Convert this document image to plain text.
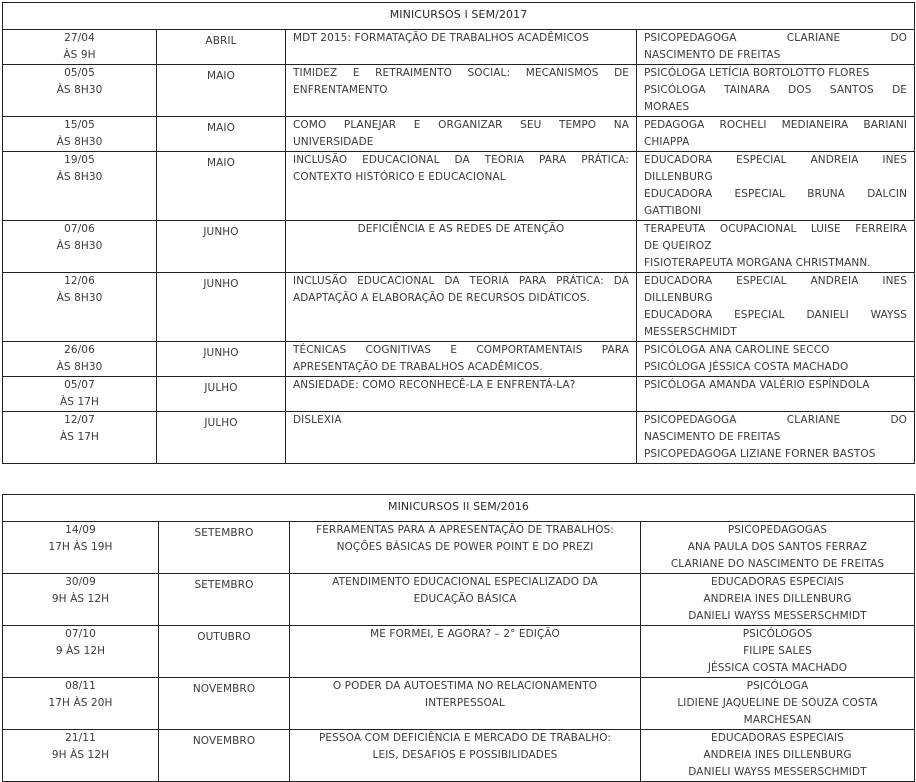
MINICURSOS I SEM/2017			

27/04
ÀS 9H	ABRIL	MDT 2015: FORMATAÇÃO DE TRABALHOS ACADÊMICOS	PSICOPEDAGOGA CLARIANE DO
NASCIMENTO DE FREITAS

05/05
ÀS 8H30	MAIO	TIMIDEZ E RETRAIMENTO SOCIAL: MECANISMOS DE
ENFRENTAMENTO	PSICÓLOGA LETÍCIA BORTOLOTTO FLORES
PSICÓLOGA TAINARA DOS SANTOS DE
MORAES

15/05
ÀS 8H30	MAIO	COMO PLANEJAR E ORGANIZAR SEU TEMPO NA
UNIVERSIDADE	PEDAGOGA ROCHELI MEDIANEIRA BARIANI
CHIAPPA

19/05
ÀS 8H30	MAIO	INCLUSÃO EDUCACIONAL DA TEORIA PARA PRÁTICA:
CONTEXTO HISTÓRICO E EDUCACIONAL	EDUCADORA ESPECIAL ANDREIA INES
DILLENBURG
EDUCADORA ESPECIAL BRUNA DALCIN
GATTIBONI

07/06
ÀS 8H30	JUNHO	DEFICIÊNCIA E AS REDES DE ATENÇÃO	TERAPEUTA OCUPACIONAL LUISE FERREIRA
DE QUEIROZ
FISIOTERAPEUTA MORGANA CHRISTMANN.

12/06
ÀS 8H30	JUNHO	INCLUSÃO EDUCACIONAL DA TEORIA PARA PRÁTICA: DA
ADAPTAÇÃO A ELABORAÇÃO DE RECURSOS DIDÁTICOS.	EDUCADORA ESPECIAL ANDREIA INES
DILLENBURG
EDUCADORA ESPECIAL DANIELI WAYSS
MESSERSCHMIDT

26/06
ÀS 8H30	JUNHO	TÉCNICAS COGNITIVAS E COMPORTAMENTAIS PARA
APRESENTAÇÃO DE TRABALHOS ACADÊMICOS.	PSICÓLOGA ANA CAROLINE SECCO
PSICÓLOGA JÉSSICA COSTA MACHADO

05/07
ÀS 17H	JULHO	ANSIEDADE: COMO RECONHECÊ-LA E ENFRENTÁ-LA?	PSICÓLOGA AMANDA VALÉRIO ESPÍNDOLA

12/07
ÀS 17H	JULHO	DISLEXIA	PSICOPEDAGOGA CLARIANE DO
NASCIMENTO DE FREITAS
PSICOPEDAGOGA LIZIANE FORNER BASTOS
MINICURSOS II SEM/2016			

14/09
17H ÀS 19H	SETEMBRO	FERRAMENTAS PARA A APRESENTAÇÃO DE TRABALHOS:
NOÇÕES BÁSICAS DE POWER POINT E DO PREZI	PSICOPEDAGOGAS
ANA PAULA DOS SANTOS FERRAZ
CLARIANE DO NASCIMENTO DE FREITAS

30/09
9H ÀS 12H	SETEMBRO	ATENDIMENTO EDUCACIONAL ESPECIALIZADO DA
EDUCAÇÃO BÁSICA	EDUCADORAS ESPECIAIS
ANDREIA INES DILLENBURG
DANIELI WAYSS MESSERSCHMIDT

07/10
9 ÀS 12H	OUTUBRO	ME FORMEI, E AGORA? – 2° EDIÇÃO	PSICÓLOGOS
FILIPE SALES
JÉSSICA COSTA MACHADO

08/11
17H ÀS 20H	NOVEMBRO	O PODER DA AUTOESTIMA NO RELACIONAMENTO
INTERPESSOAL	PSICÓLOGA
LIDIENE JAQUELINE DE SOUZA COSTA
MARCHESAN

21/11
9H ÀS 12H	NOVEMBRO	PESSOA COM DEFICIÊNCIA E MERCADO DE TRABALHO:
LEIS, DESAFIOS E POSSIBILIDADES	EDUCADORAS ESPECIAIS
ANDREIA INES DILLENBURG
DANIELI WAYSS MESSERSCHMIDT
